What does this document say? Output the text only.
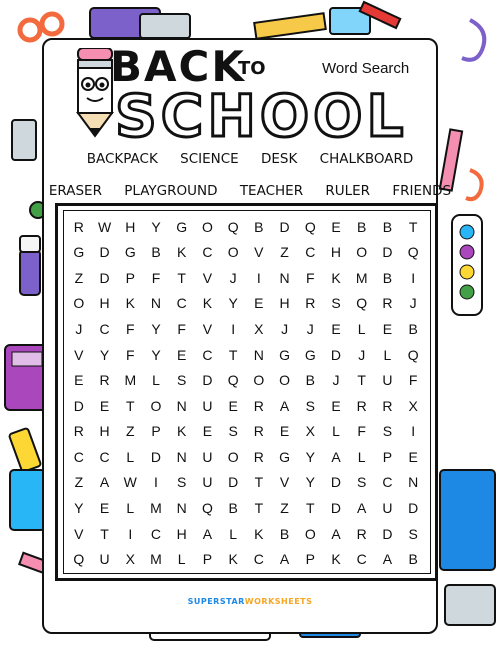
BACK
TO
SCHOOL
Word Search
BACKPACK SCIENCE DESK CHALKBOARD
ERASER PLAYGROUND TEACHER RULER FRIENDS
R	W	H	Y	G	O	Q	B	D	Q	E	B	B	T
G	D	G	B	K	C	O	V	Z	C	H	O	D	Q
Z	D	P	F	T	V	J	I	N	F	K	M	B	I
O	H	K	N	C	K	Y	E	H	R	S	Q	R	J
J	C	F	Y	F	V	I	X	J	J	E	L	E	B
V	Y	F	Y	E	C	T	N	G	G	D	J	L	Q
E	R	M	L	S	D	Q	O	O	B	J	T	U	F
D	E	T	O	N	U	E	R	A	S	E	R	R	X
R	H	Z	P	K	E	S	R	E	X	L	F	S	I
C	C	L	D	N	U	O	R	G	Y	A	L	P	E
Z	A	W	I	S	U	D	T	V	Y	D	S	C	N
Y	E	L	M	N	Q	B	T	Z	T	D	A	U	D
V	T	I	C	H	A	L	K	B	O	A	R	D	S
Q	U	X	M	L	P	K	C	A	P	K	C	A	B
SUPERSTARWORKSHEETS
